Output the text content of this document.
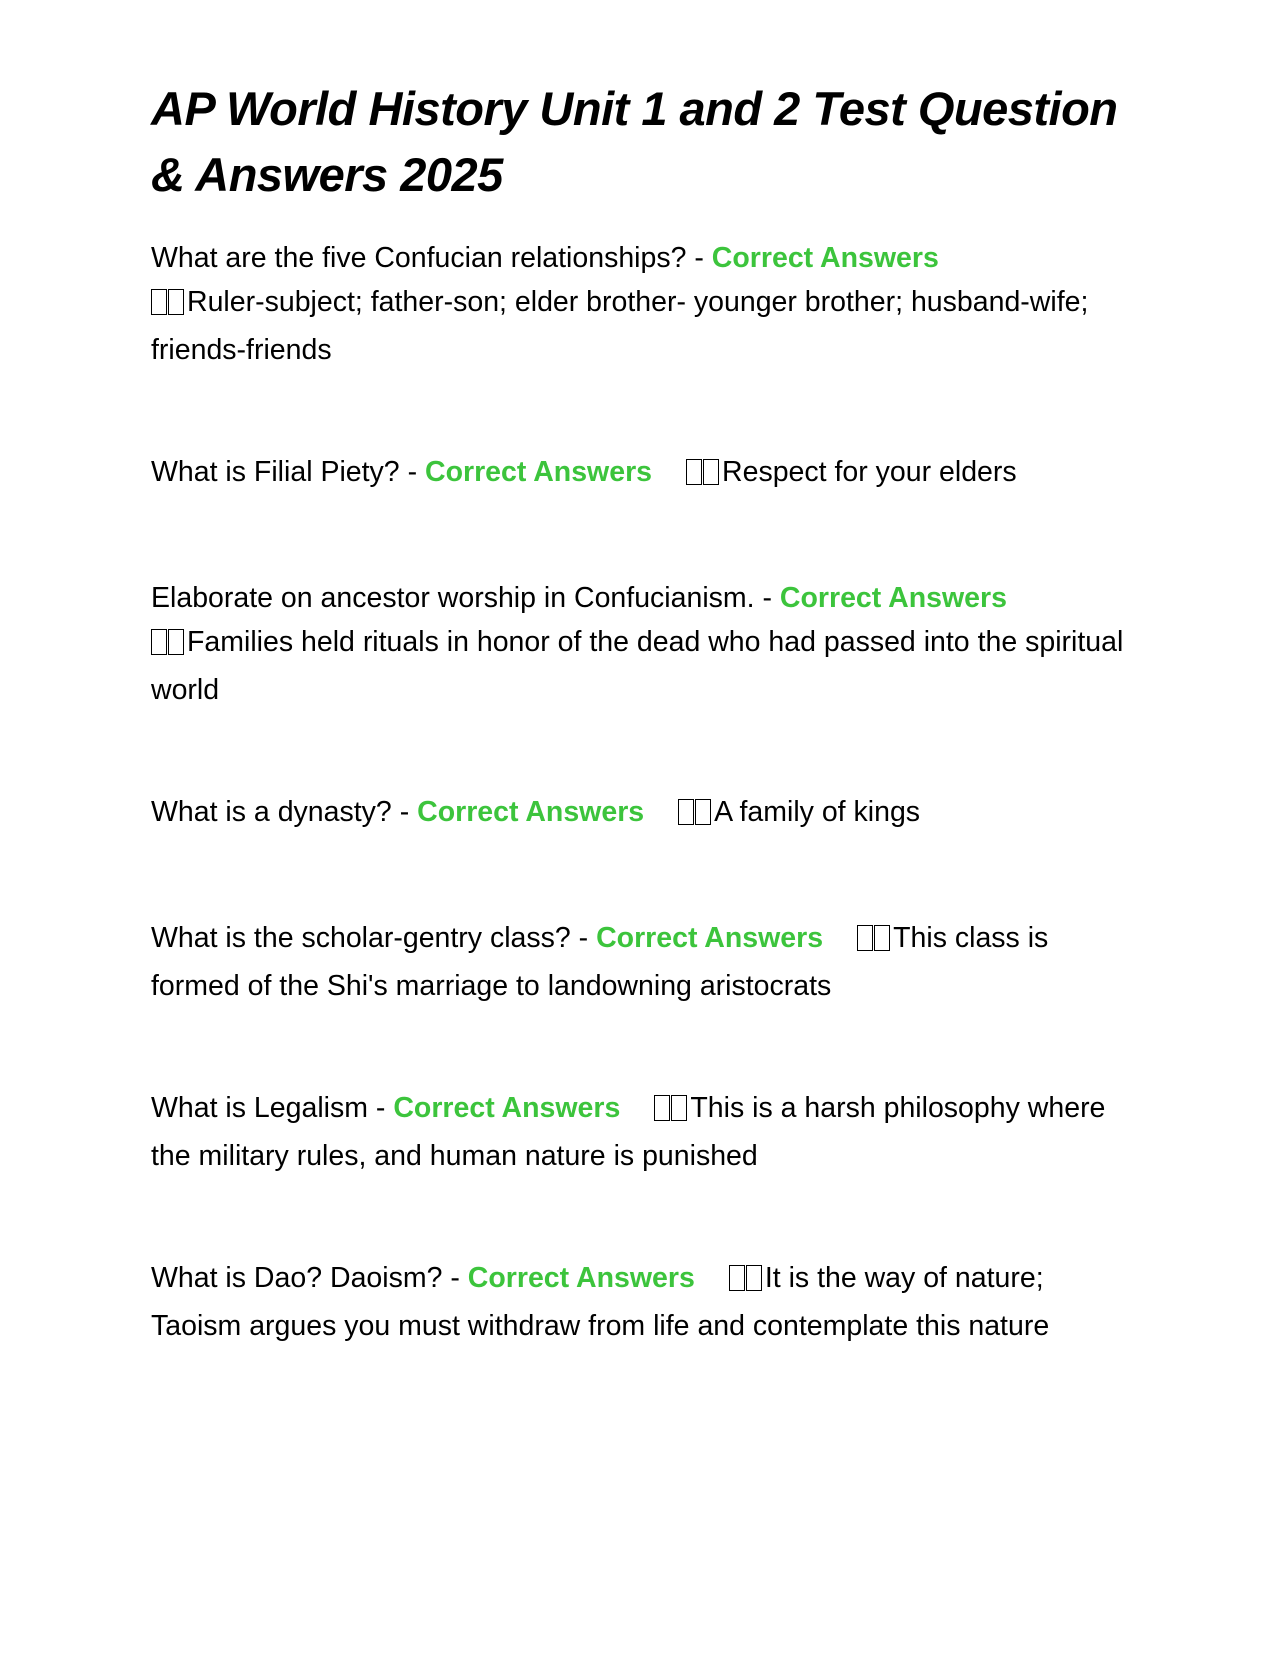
AP World History Unit 1 and 2 Test Question & Answers 2025

What are the five Confucian relationships? - Correct Answers
Ruler-subject; father-son; elder brother- younger brother; husband-wife; friends-friends

What is Filial Piety? - Correct Answers Respect for your elders

Elaborate on ancestor worship in Confucianism. - Correct Answers
Families held rituals in honor of the dead who had passed into the spiritual world

What is a dynasty? - Correct Answers A family of kings

What is the scholar-gentry class? - Correct Answers This class is formed of the Shi's marriage to landowning aristocrats

What is Legalism - Correct Answers This is a harsh philosophy where the military rules, and human nature is punished

What is Dao? Daoism? - Correct Answers It is the way of nature; Taoism argues you must withdraw from life and contemplate this nature
